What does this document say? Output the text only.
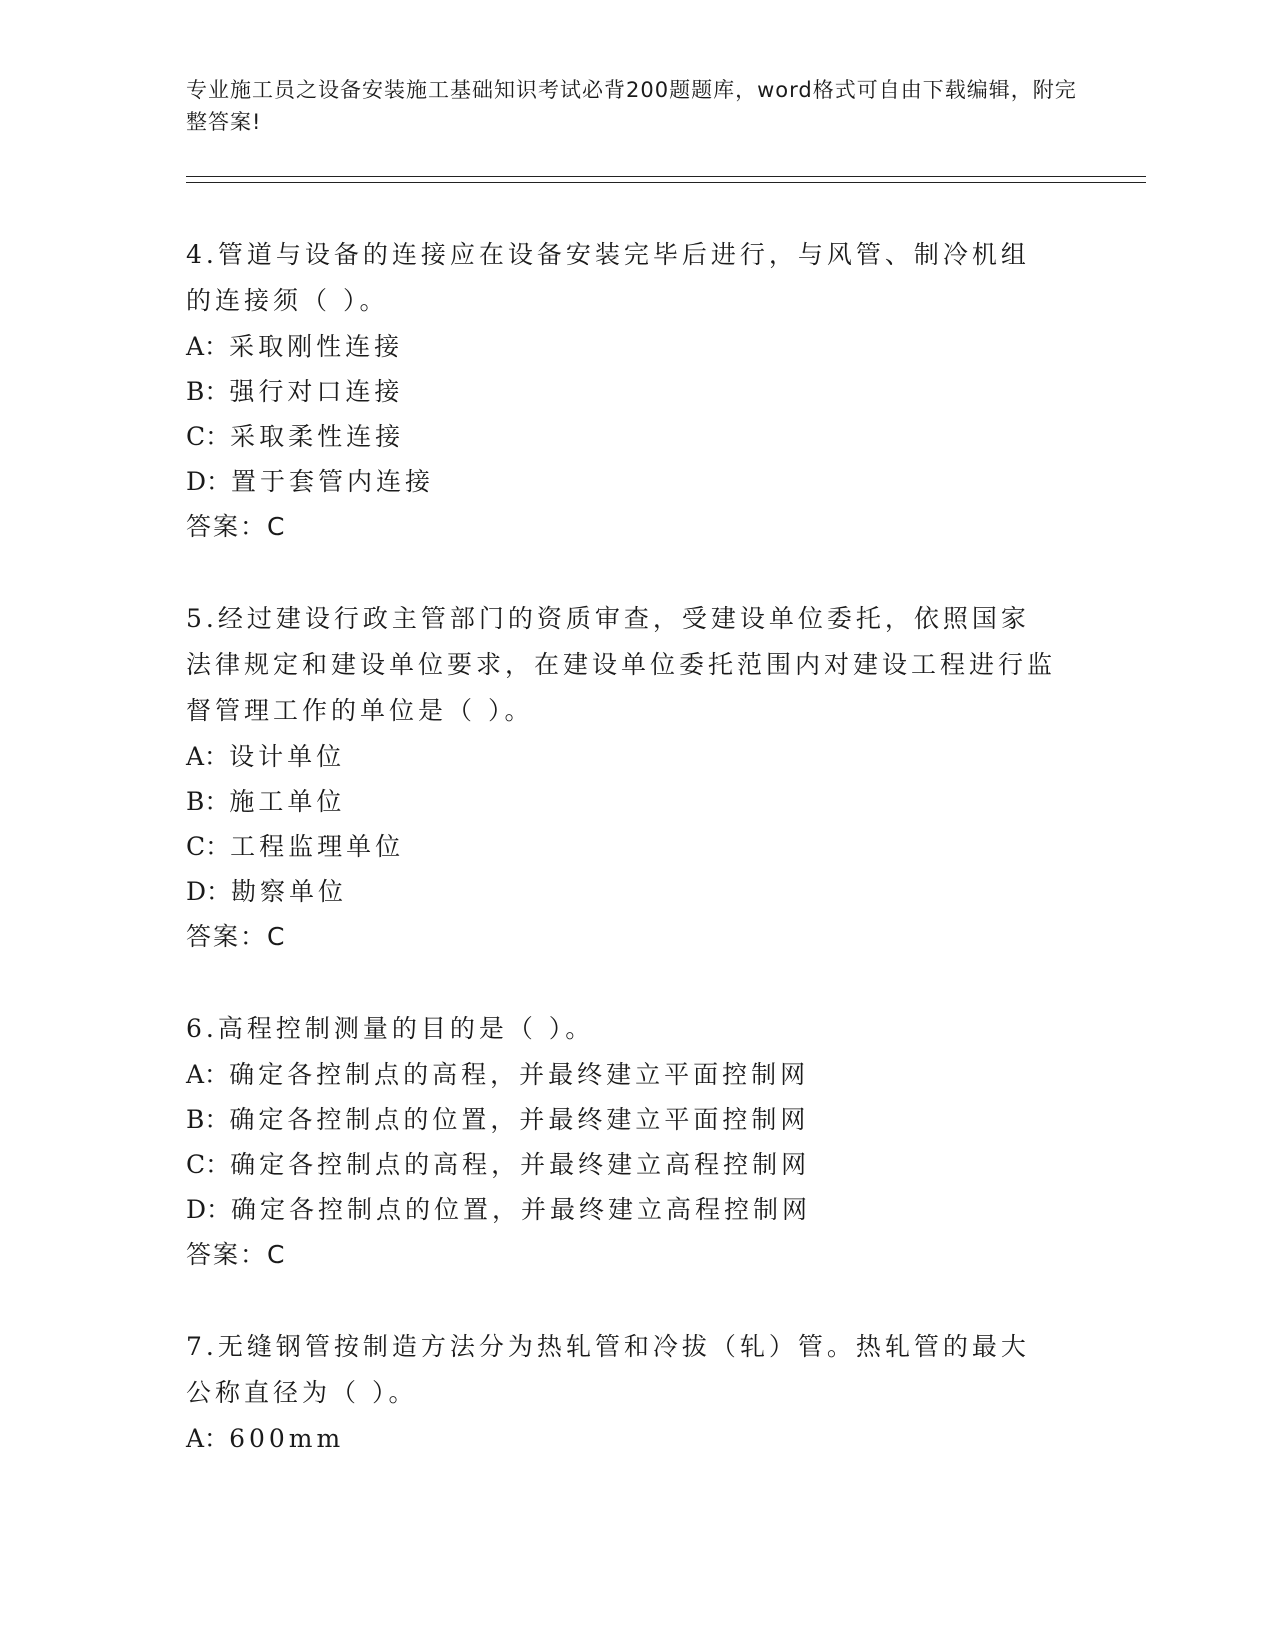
专业施工员之设备安装施工基础知识考试必背200题题库，word格式可自由下载编辑，附完整答案!
4.管道与设备的连接应在设备安装完毕后进行，与风管、制冷机组的连接须（ ）。
A：采取刚性连接
B：强行对口连接
C：采取柔性连接
D：置于套管内连接
答案：C
5.经过建设行政主管部门的资质审查，受建设单位委托，依照国家法律规定和建设单位要求，在建设单位委托范围内对建设工程进行监督管理工作的单位是（ ）。
A：设计单位
B：施工单位
C：工程监理单位
D：勘察单位
答案：C
6.高程控制测量的目的是（ ）。
A：确定各控制点的高程，并最终建立平面控制网
B：确定各控制点的位置，并最终建立平面控制网
C：确定各控制点的高程，并最终建立高程控制网
D：确定各控制点的位置，并最终建立高程控制网
答案：C
7.无缝钢管按制造方法分为热轧管和冷拔（轧）管。热轧管的最大公称直径为（ ）。
A：600mm
